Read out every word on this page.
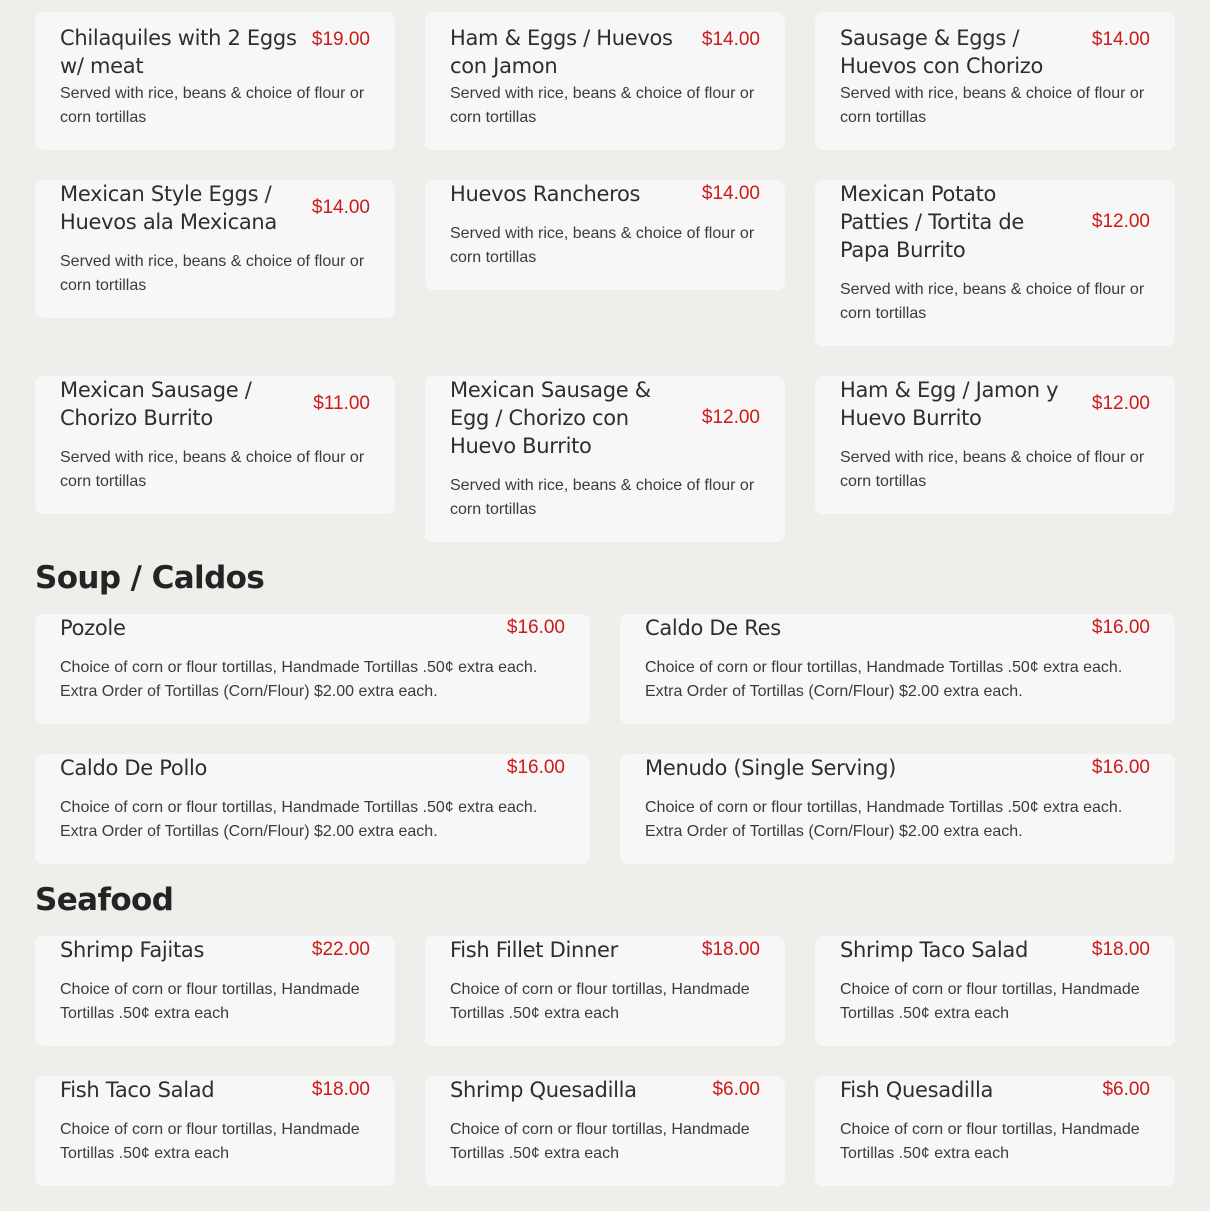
Chilaquiles with 2 Eggs w/ meat
$19.00
Served with rice, beans & choice of flour or corn tortillas
Ham & Eggs / Huevos con Jamon
$14.00
Served with rice, beans & choice of flour or corn tortillas
Sausage & Eggs / Huevos con Chorizo
$14.00
Served with rice, beans & choice of flour or corn tortillas
Mexican Style Eggs / Huevos ala Mexicana
$14.00
Served with rice, beans & choice of flour or corn tortillas
Huevos Rancheros	$14.00
Served with rice, beans & choice of flour or corn tortillas
Mexican Potato Patties / Tortita de Papa Burrito
$12.00
Served with rice, beans & choice of flour or corn tortillas
Mexican Sausage / Chorizo Burrito
$11.00
Served with rice, beans & choice of flour or corn tortillas
Mexican Sausage & Egg / Chorizo con Huevo Burrito
$12.00
Served with rice, beans & choice of flour or corn tortillas
Ham & Egg / Jamon y Huevo Burrito
$12.00
Served with rice, beans & choice of flour or corn tortillas
Soup / Caldos
Pozole	$16.00
Choice of corn or flour tortillas, Handmade Tortillas .50¢ extra each. Extra Order of Tortillas (Corn/Flour) $2.00 extra each.
Caldo De Res	$16.00
Choice of corn or flour tortillas, Handmade Tortillas .50¢ extra each. Extra Order of Tortillas (Corn/Flour) $2.00 extra each.
Caldo De Pollo	$16.00
Choice of corn or flour tortillas, Handmade Tortillas .50¢ extra each. Extra Order of Tortillas (Corn/Flour) $2.00 extra each.
Menudo (Single Serving)	$16.00
Choice of corn or flour tortillas, Handmade Tortillas .50¢ extra each. Extra Order of Tortillas (Corn/Flour) $2.00 extra each.
Seafood
Shrimp Fajitas	$22.00
Choice of corn or flour tortillas, Handmade Tortillas .50¢ extra each
Fish Fillet Dinner	$18.00
Choice of corn or flour tortillas, Handmade Tortillas .50¢ extra each
Shrimp Taco Salad	$18.00
Choice of corn or flour tortillas, Handmade Tortillas .50¢ extra each
Fish Taco Salad	$18.00
Choice of corn or flour tortillas, Handmade Tortillas .50¢ extra each
Shrimp Quesadilla	$6.00
Choice of corn or flour tortillas, Handmade Tortillas .50¢ extra each
Fish Quesadilla	$6.00
Choice of corn or flour tortillas, Handmade Tortillas .50¢ extra each
